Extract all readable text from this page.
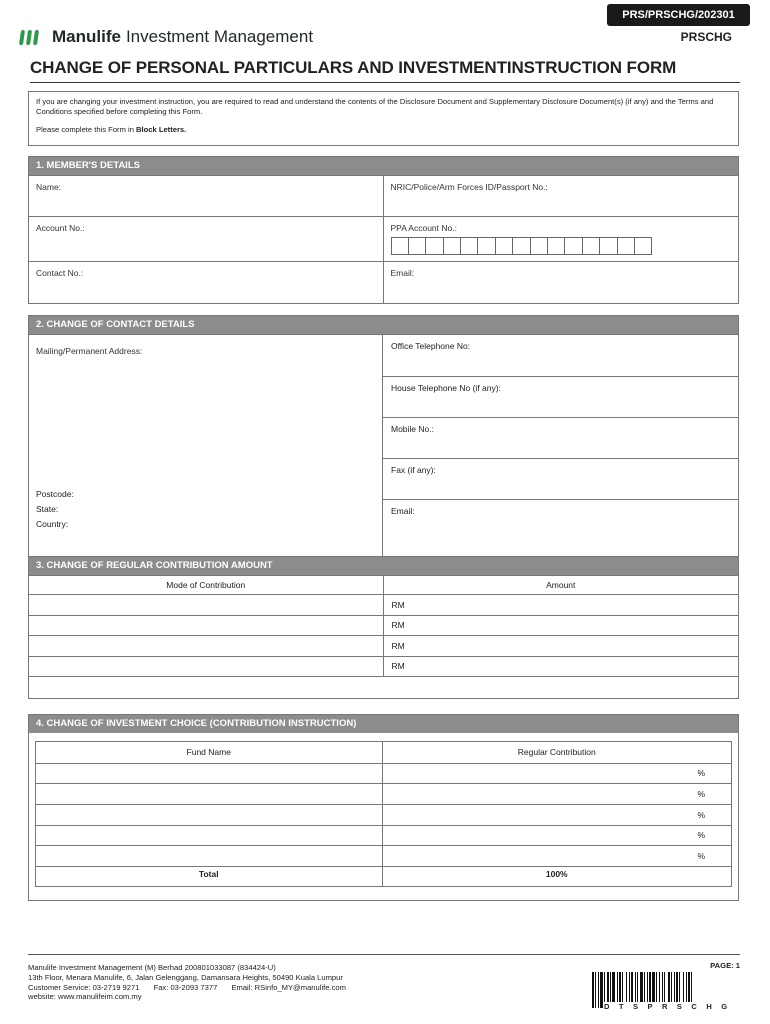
PRS/PRSCHG/202301
Manulife Investment Management	PRSCHG
CHANGE OF PERSONAL PARTICULARS AND INVESTMENTINSTRUCTION FORM

If you are changing your investment instruction, you are required to read and understand the contents of the Disclosure Document and Supplementary Disclosure Document(s) (if any) and the Terms and Conditions specified before completing this Form.

Please complete this Form in Block Letters.

1. MEMBER'S DETAILS
Name:	NRIC/Police/Arm Forces ID/Passport No.:
Account No.:	PPA Account No.:

Contact No.:	Email:
2. CHANGE OF CONTACT DETAILS
Mailing/Permanent Address:
Postcode:
State:
Country:
Office Telephone No:
House Telephone No (if any):
Mobile No.:
Fax (if any):
Email:
3. CHANGE OF REGULAR CONTRIBUTION AMOUNT
Mode of Contribution	Amount
	RM
	RM
	RM
	RM

4. CHANGE OF INVESTMENT CHOICE (CONTRIBUTION INSTRUCTION)
Fund Name	Regular Contribution
	%
	%
	%
	%
	%
Total	100%
Manulife Investment Management (M) Berhad 200801033087 (834424-U)
13th Floor, Menara Manulife, 6, Jalan Gelenggang, Damansara Heights, 50490 Kuala Lumpur
Customer Service: 03-2719 9271 Fax: 03-2093 7377 Email: RSinfo_MY@manulife.com
website: www.manulifeim.com.my
PAGE: 1
DTSPRSCHG
